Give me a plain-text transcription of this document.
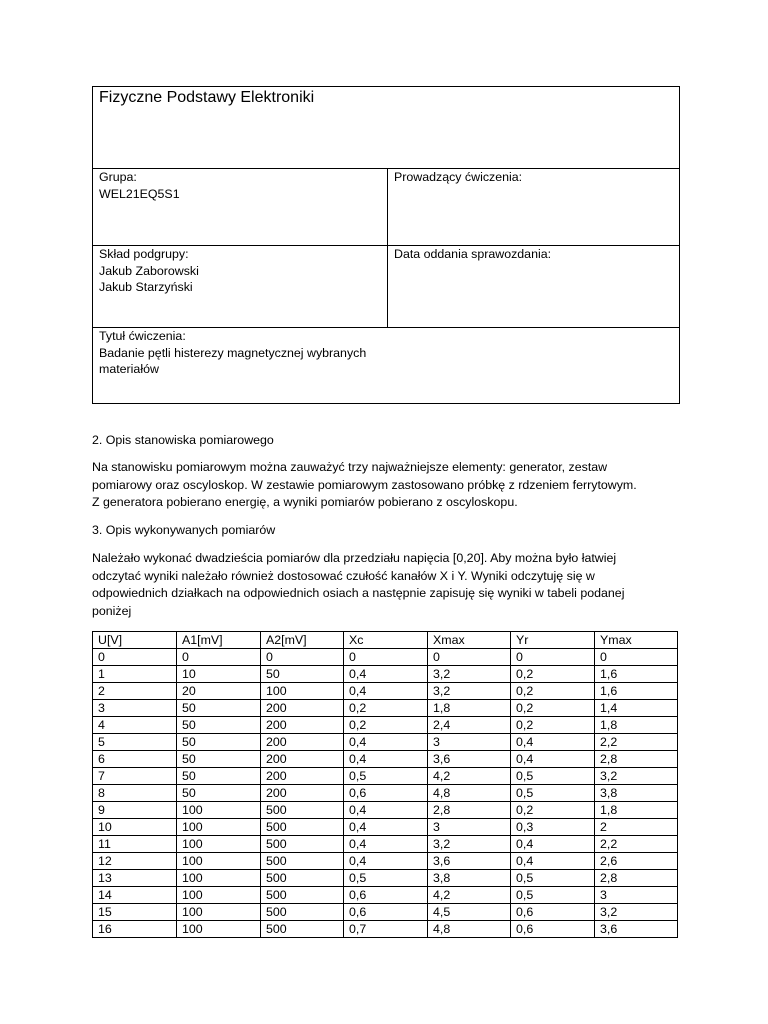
Fizyczne Podstawy Elektroniki
Grupa:
WEL21EQ5S1
Prowadzący ćwiczenia:
Skład podgrupy:
Jakub Zaborowski
Jakub Starzyński
Data oddania sprawozdania:
Tytuł ćwiczenia:
Badanie pętli histerezy magnetycznej wybranych
materiałów

2. Opis stanowiska pomiarowego

Na stanowisku pomiarowym można zauważyć trzy najważniejsze elementy: generator, zestaw

pomiarowy oraz oscyloskop. W zestawie pomiarowym zastosowano próbkę z rdzeniem ferrytowym.

Z generatora pobierano energię, a wyniki pomiarów pobierano z oscyloskopu.

3. Opis wykonywanych pomiarów

Należało wykonać dwadzieścia pomiarów dla przedziału napięcia [0,20]. Aby można było łatwiej

odczytać wyniki należało również dostosować czułość kanałów X i Y. Wyniki odczytuję się w

odpowiednich działkach na odpowiednich osiach a następnie zapisuję się wyniki w tabeli podanej

poniżej

U[V]	A1[mV]	A2[mV]	Xc	Xmax	Yr	Ymax
0	0	0	0	0	0	0
1	10	50	0,4	3,2	0,2	1,6
2	20	100	0,4	3,2	0,2	1,6
3	50	200	0,2	1,8	0,2	1,4
4	50	200	0,2	2,4	0,2	1,8
5	50	200	0,4	3	0,4	2,2
6	50	200	0,4	3,6	0,4	2,8
7	50	200	0,5	4,2	0,5	3,2
8	50	200	0,6	4,8	0,5	3,8
9	100	500	0,4	2,8	0,2	1,8
10	100	500	0,4	3	0,3	2
11	100	500	0,4	3,2	0,4	2,2
12	100	500	0,4	3,6	0,4	2,6
13	100	500	0,5	3,8	0,5	2,8
14	100	500	0,6	4,2	0,5	3
15	100	500	0,6	4,5	0,6	3,2
16	100	500	0,7	4,8	0,6	3,6
